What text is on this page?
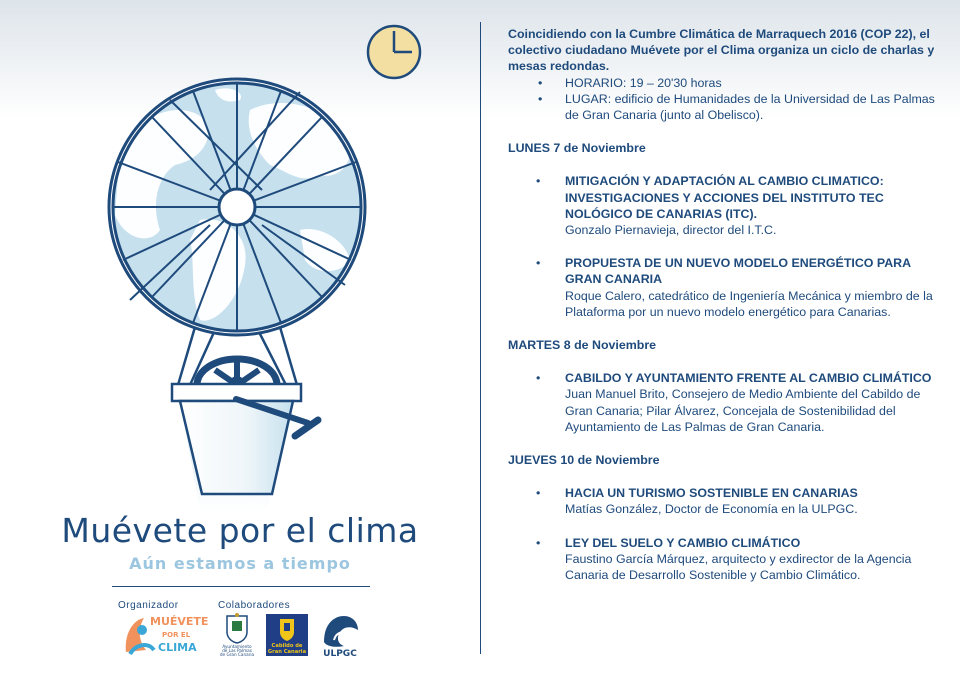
Muévete por el clima
Aún estamos a tiempo
Organizador	Colaboradores
MUÉVETE
POR EL
CLIMA	Ayuntamiento
de Las Palmas
de Gran Canaria
Cabildo de
Gran Canaria ULPGC

Coincidiendo con la Cumbre Climática de Marraquech 2016 (COP 22), el colectivo ciudadano Muévete por el Clima organiza un ciclo de charlas y mesas redondas.

• HORARIO: 19 – 20'30 horas
• LUGAR: edificio de Humanidades de la Universidad de Las Palmas de Gran Canaria (junto al Obelisco).

LUNES 7 de Noviembre

• MITIGACIÓN Y ADAPTACIÓN AL CAMBIO CLIMATICO: INVESTIGACIONES Y ACCIONES DEL INSTITUTO TEC NOLÓGICO DE CANARIAS (ITC).
Gonzalo Piernavieja, director del I.T.C.
• PROPUESTA DE UN NUEVO MODELO ENERGÉTICO PARA GRAN CANARIA
Roque Calero, catedrático de Ingeniería Mecánica y miembro de la Plataforma por un nuevo modelo energético para Canarias.

MARTES 8 de Noviembre

• CABILDO Y AYUNTAMIENTO FRENTE AL CAMBIO CLIMÁTICO
Juan Manuel Brito, Consejero de Medio Ambiente del Cabildo de Gran Canaria; Pilar Álvarez, Concejala de Sostenibilidad del Ayuntamiento de Las Palmas de Gran Canaria.

JUEVES 10 de Noviembre

• HACIA UN TURISMO SOSTENIBLE EN CANARIAS
Matías González, Doctor de Economía en la ULPGC.
• LEY DEL SUELO Y CAMBIO CLIMÁTICO
Faustino García Márquez, arquitecto y exdirector de la Agencia Canaria de Desarrollo Sostenible y Cambio Climático.
